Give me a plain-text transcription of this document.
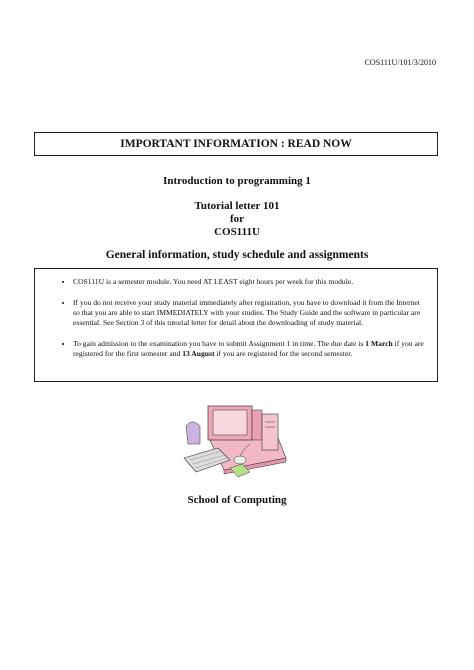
COS111U/101/3/2010
IMPORTANT INFORMATION : READ NOW
Introduction to programming 1
Tutorial letter 101
for
COS111U
General information, study schedule and assignments
• COS111U is a semester module. You need AT LEAST eight hours per week for this module.
• If you do not receive your study material immediately after registration, you have to download it from the Internet so that you are able to start IMMEDIATELY with your studies. The Study Guide and the software in particular are essential. See Section 3 of this tutorial letter for detail about the downloading of study material.
• To gain admission to the examination you have to submit Assignment 1 in time. The due date is 1 March if you are registered for the first semester and 13 August if you are registered for the second semester.
School of Computing
